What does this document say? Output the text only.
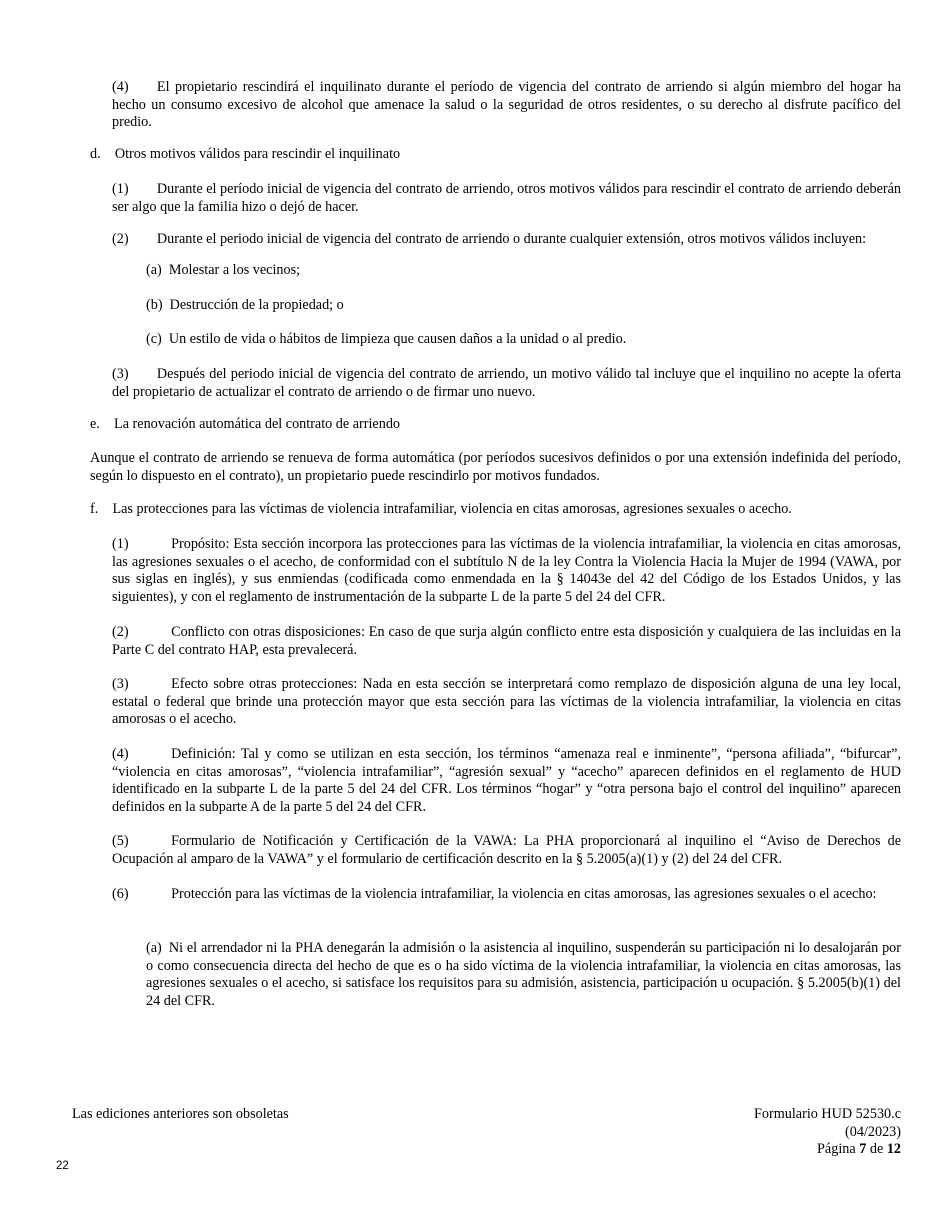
(4)  El propietario rescindirá el inquilinato durante el período de vigencia del contrato de arriendo si algún miembro del hogar ha hecho un consumo excesivo de alcohol que amenace la salud o la seguridad de otros residentes, o su derecho al disfrute pacífico del predio.

d. Otros motivos válidos para rescindir el inquilinato

(1)  Durante el período inicial de vigencia del contrato de arriendo, otros motivos válidos para rescindir el contrato de arriendo deberán ser algo que la familia hizo o dejó de hacer.

(2)  Durante el periodo inicial de vigencia del contrato de arriendo o durante cualquier extensión, otros motivos válidos incluyen:

(a) Molestar a los vecinos;

(b) Destrucción de la propiedad; o

(c) Un estilo de vida o hábitos de limpieza que causen daños a la unidad o al predio.

(3)  Después del periodo inicial de vigencia del contrato de arriendo, un motivo válido tal incluye que el inquilino no acepte la oferta del propietario de actualizar el contrato de arriendo o de firmar uno nuevo.

e. La renovación automática del contrato de arriendo

Aunque el contrato de arriendo se renueva de forma automática (por períodos sucesivos definidos o por una extensión indefinida del período, según lo dispuesto en el contrato), un propietario puede rescindirlo por motivos fundados.

f. Las protecciones para las víctimas de violencia intrafamiliar, violencia en citas amorosas, agresiones sexuales o acecho.

(1)   Propósito: Esta sección incorpora las protecciones para las víctimas de la violencia intrafamiliar, la violencia en citas amorosas, las agresiones sexuales o el acecho, de conformidad con el subtítulo N de la ley Contra la Violencia Hacia la Mujer de 1994 (VAWA, por sus siglas en inglés), y sus enmiendas (codificada como enmendada en la § 14043e del 42 del Código de los Estados Unidos, y las siguientes), y con el reglamento de instrumentación de la subparte L de la parte 5 del 24 del CFR.

(2)   Conflicto con otras disposiciones: En caso de que surja algún conflicto entre esta disposición y cualquiera de las incluidas en la Parte C del contrato HAP, esta prevalecerá.

(3)   Efecto sobre otras protecciones: Nada en esta sección se interpretará como remplazo de disposición alguna de una ley local, estatal o federal que brinde una protección mayor que esta sección para las víctimas de la violencia intrafamiliar, la violencia en citas amorosas o el acecho.

(4)   Definición: Tal y como se utilizan en esta sección, los términos “amenaza real e inminente”, “persona afiliada”, “bifurcar”, “violencia en citas amorosas”, “violencia intrafamiliar”, “agresión sexual” y “acecho” aparecen definidos en el reglamento de HUD identificado en la subparte L de la parte 5 del 24 del CFR. Los términos “hogar” y “otra persona bajo el control del inquilino” aparecen definidos en la subparte A de la parte 5 del 24 del CFR.

(5)   Formulario de Notificación y Certificación de la VAWA: La PHA proporcionará al inquilino el “Aviso de Derechos de Ocupación al amparo de la VAWA” y el formulario de certificación descrito en la § 5.2005(a)(1) y (2) del 24 del CFR.

(6)   Protección para las víctimas de la violencia intrafamiliar, la violencia en citas amorosas, las agresiones sexuales o el acecho:

(a) Ni el arrendador ni la PHA denegarán la admisión o la asistencia al inquilino, suspenderán su participación ni lo desalojarán por o como consecuencia directa del hecho de que es o ha sido víctima de la violencia intrafamiliar, la violencia en citas amorosas, las agresiones sexuales o el acecho, si satisface los requisitos para su admisión, asistencia, participación u ocupación. § 5.2005(b)(1) del 24 del CFR.

Las ediciones anteriores son obsoletas	Formulario HUD 52530.c
(04/2023)
Página 7 de 12
22
